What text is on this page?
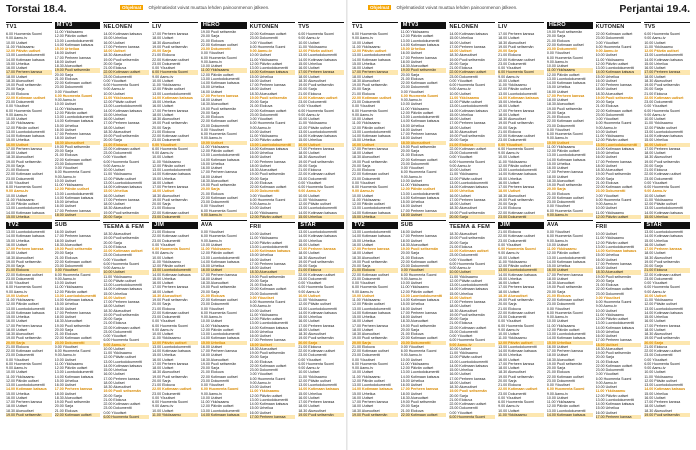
Torstai 18.4.	Ohjelmat Ohjelmatiedot voivat muuttua lehden painoonmenon jälkeen.
TV1
6.00 Huomenta Suomi
9.00 Aamu-tv
10.00 Uutiset
11.00 Ykkösaamu
12.00 Päivän uutiset
13.00 Luontodokumentti
14.00 Kotimaan katsaus
15.00 Urheilua
16.00 Uutiset
17.00 Perheen kanssa
18.00 Uutiset
18.30 Alueuutiset
19.00 Puoli seitsemän
20.00 Sarja
21.00 Elokuva
22.00 Kotimaan uutiset
23.00 Dokumentti
0.00 Yöuutiset
6.00 Huomenta Suomi
9.00 Aamu-tv
10.00 Uutiset
11.00 Ykkösaamu
12.00 Päivän uutiset
13.00 Luontodokumentti
14.00 Kotimaan katsaus
15.00 Urheilua
16.00 Uutiset
17.00 Perheen kanssa
18.00 Uutiset
18.30 Alueuutiset
19.00 Puoli seitsemän
20.00 Sarja
21.00 Elokuva
22.00 Kotimaan uutiset
23.00 Dokumentti
0.00 Yöuutiset
6.00 Huomenta Suomi
9.00 Aamu-tv
10.00 Uutiset
11.00 Ykkösaamu
12.00 Päivän uutiset
13.00 Luontodokumentti
14.00 Kotimaan katsaus
15.00 Urheilua
TV2
13.00 Luontodokumentti
14.00 Kotimaan katsaus
15.00 Urheilua
16.00 Uutiset
17.00 Perheen kanssa
18.00 Uutiset
18.30 Alueuutiset
19.00 Puoli seitsemän
20.00 Sarja
21.00 Elokuva
22.00 Kotimaan uutiset
23.00 Dokumentti
0.00 Yöuutiset
6.00 Huomenta Suomi
9.00 Aamu-tv
10.00 Uutiset
11.00 Ykkösaamu
12.00 Päivän uutiset
13.00 Luontodokumentti
14.00 Kotimaan katsaus
15.00 Urheilua
16.00 Uutiset
17.00 Perheen kanssa
18.00 Uutiset
18.30 Alueuutiset
19.00 Puoli seitsemän
20.00 Sarja
21.00 Elokuva
22.00 Kotimaan uutiset
23.00 Dokumentti
0.00 Yöuutiset
6.00 Huomenta Suomi
9.00 Aamu-tv
10.00 Uutiset
11.00 Ykkösaamu
12.00 Päivän uutiset
13.00 Luontodokumentti
14.00 Kotimaan katsaus
15.00 Urheilua
16.00 Uutiset
17.00 Perheen kanssa
18.00 Uutiset
18.30 Alueuutiset
19.00 Puoli seitsemän
MTV3
11.00 Ykkösaamu
12.00 Päivän uutiset
13.00 Luontodokumentti
14.00 Kotimaan katsaus
15.00 Urheilua
16.00 Uutiset
17.00 Perheen kanssa
18.00 Uutiset
18.30 Alueuutiset
19.00 Puoli seitsemän
20.00 Sarja
21.00 Elokuva
22.00 Kotimaan uutiset
23.00 Dokumentti
0.00 Yöuutiset
6.00 Huomenta Suomi
9.00 Aamu-tv
10.00 Uutiset
11.00 Ykkösaamu
12.00 Päivän uutiset
13.00 Luontodokumentti
14.00 Kotimaan katsaus
15.00 Urheilua
16.00 Uutiset
17.00 Perheen kanssa
18.00 Uutiset
18.30 Alueuutiset
19.00 Puoli seitsemän
20.00 Sarja
21.00 Elokuva
22.00 Kotimaan uutiset
23.00 Dokumentti
0.00 Yöuutiset
6.00 Huomenta Suomi
9.00 Aamu-tv
10.00 Uutiset
11.00 Ykkösaamu
12.00 Päivän uutiset
13.00 Luontodokumentti
14.00 Kotimaan katsaus
15.00 Urheilua
16.00 Uutiset
17.00 Perheen kanssa
18.00 Uutiset
SUB
16.00 Uutiset
17.00 Perheen kanssa
18.00 Uutiset
18.30 Alueuutiset
19.00 Puoli seitsemän
20.00 Sarja
21.00 Elokuva
22.00 Kotimaan uutiset
23.00 Dokumentti
0.00 Yöuutiset
6.00 Huomenta Suomi
9.00 Aamu-tv
10.00 Uutiset
11.00 Ykkösaamu
12.00 Päivän uutiset
13.00 Luontodokumentti
14.00 Kotimaan katsaus
15.00 Urheilua
16.00 Uutiset
17.00 Perheen kanssa
18.00 Uutiset
18.30 Alueuutiset
19.00 Puoli seitsemän
20.00 Sarja
21.00 Elokuva
22.00 Kotimaan uutiset
23.00 Dokumentti
0.00 Yöuutiset
6.00 Huomenta Suomi
9.00 Aamu-tv
10.00 Uutiset
11.00 Ykkösaamu
12.00 Päivän uutiset
13.00 Luontodokumentti
14.00 Kotimaan katsaus
15.00 Urheilua
16.00 Uutiset
17.00 Perheen kanssa
18.00 Uutiset
18.30 Alueuutiset
19.00 Puoli seitsemän
20.00 Sarja
21.00 Elokuva
22.00 Kotimaan uutiset
NELONEN
14.00 Kotimaan katsaus
15.00 Urheilua
16.00 Uutiset
17.00 Perheen kanssa
18.00 Uutiset
18.30 Alueuutiset
19.00 Puoli seitsemän
20.00 Sarja
21.00 Elokuva
22.00 Kotimaan uutiset
23.00 Dokumentti
0.00 Yöuutiset
6.00 Huomenta Suomi
9.00 Aamu-tv
10.00 Uutiset
11.00 Ykkösaamu
12.00 Päivän uutiset
13.00 Luontodokumentti
14.00 Kotimaan katsaus
15.00 Urheilua
16.00 Uutiset
17.00 Perheen kanssa
18.00 Uutiset
18.30 Alueuutiset
19.00 Puoli seitsemän
20.00 Sarja
21.00 Elokuva
22.00 Kotimaan uutiset
23.00 Dokumentti
0.00 Yöuutiset
6.00 Huomenta Suomi
9.00 Aamu-tv
10.00 Uutiset
11.00 Ykkösaamu
12.00 Päivän uutiset
13.00 Luontodokumentti
14.00 Kotimaan katsaus
15.00 Urheilua
16.00 Uutiset
17.00 Perheen kanssa
18.00 Uutiset
18.30 Alueuutiset
19.00 Puoli seitsemän
20.00 Sarja
TEEMA & FEM
18.30 Alueuutiset
19.00 Puoli seitsemän
20.00 Sarja
21.00 Elokuva
22.00 Kotimaan uutiset
23.00 Dokumentti
0.00 Yöuutiset
6.00 Huomenta Suomi
9.00 Aamu-tv
10.00 Uutiset
11.00 Ykkösaamu
12.00 Päivän uutiset
13.00 Luontodokumentti
14.00 Kotimaan katsaus
15.00 Urheilua
16.00 Uutiset
17.00 Perheen kanssa
18.00 Uutiset
18.30 Alueuutiset
19.00 Puoli seitsemän
20.00 Sarja
21.00 Elokuva
22.00 Kotimaan uutiset
23.00 Dokumentti
0.00 Yöuutiset
6.00 Huomenta Suomi
9.00 Aamu-tv
10.00 Uutiset
11.00 Ykkösaamu
12.00 Päivän uutiset
13.00 Luontodokumentti
14.00 Kotimaan katsaus
15.00 Urheilua
16.00 Uutiset
17.00 Perheen kanssa
18.00 Uutiset
18.30 Alueuutiset
19.00 Puoli seitsemän
20.00 Sarja
21.00 Elokuva
22.00 Kotimaan uutiset
23.00 Dokumentti
0.00 Yöuutiset
6.00 Huomenta Suomi
LIV
17.00 Perheen kanssa
18.00 Uutiset
18.30 Alueuutiset
19.00 Puoli seitsemän
20.00 Sarja
21.00 Elokuva
22.00 Kotimaan uutiset
23.00 Dokumentti
0.00 Yöuutiset
6.00 Huomenta Suomi
9.00 Aamu-tv
10.00 Uutiset
11.00 Ykkösaamu
12.00 Päivän uutiset
13.00 Luontodokumentti
14.00 Kotimaan katsaus
15.00 Urheilua
16.00 Uutiset
17.00 Perheen kanssa
18.00 Uutiset
18.30 Alueuutiset
19.00 Puoli seitsemän
20.00 Sarja
21.00 Elokuva
22.00 Kotimaan uutiset
23.00 Dokumentti
0.00 Yöuutiset
6.00 Huomenta Suomi
9.00 Aamu-tv
10.00 Uutiset
11.00 Ykkösaamu
12.00 Päivän uutiset
13.00 Luontodokumentti
14.00 Kotimaan katsaus
15.00 Urheilua
16.00 Uutiset
17.00 Perheen kanssa
18.00 Uutiset
18.30 Alueuutiset
19.00 Puoli seitsemän
20.00 Sarja
21.00 Elokuva
22.00 Kotimaan uutiset
23.00 Dokumentti
JIM
21.00 Elokuva
22.00 Kotimaan uutiset
23.00 Dokumentti
0.00 Yöuutiset
6.00 Huomenta Suomi
9.00 Aamu-tv
10.00 Uutiset
11.00 Ykkösaamu
12.00 Päivän uutiset
13.00 Luontodokumentti
14.00 Kotimaan katsaus
15.00 Urheilua
16.00 Uutiset
17.00 Perheen kanssa
18.00 Uutiset
18.30 Alueuutiset
19.00 Puoli seitsemän
20.00 Sarja
21.00 Elokuva
22.00 Kotimaan uutiset
23.00 Dokumentti
0.00 Yöuutiset
6.00 Huomenta Suomi
9.00 Aamu-tv
10.00 Uutiset
11.00 Ykkösaamu
12.00 Päivän uutiset
13.00 Luontodokumentti
14.00 Kotimaan katsaus
15.00 Urheilua
16.00 Uutiset
17.00 Perheen kanssa
18.00 Uutiset
18.30 Alueuutiset
19.00 Puoli seitsemän
20.00 Sarja
21.00 Elokuva
22.00 Kotimaan uutiset
23.00 Dokumentti
0.00 Yöuutiset
6.00 Huomenta Suomi
9.00 Aamu-tv
10.00 Uutiset
11.00 Ykkösaamu
HERO
19.00 Puoli seitsemän
20.00 Sarja
21.00 Elokuva
22.00 Kotimaan uutiset
23.00 Dokumentti
0.00 Yöuutiset
6.00 Huomenta Suomi
9.00 Aamu-tv
10.00 Uutiset
11.00 Ykkösaamu
12.00 Päivän uutiset
13.00 Luontodokumentti
14.00 Kotimaan katsaus
15.00 Urheilua
16.00 Uutiset
17.00 Perheen kanssa
18.00 Uutiset
18.30 Alueuutiset
19.00 Puoli seitsemän
20.00 Sarja
21.00 Elokuva
22.00 Kotimaan uutiset
23.00 Dokumentti
0.00 Yöuutiset
6.00 Huomenta Suomi
9.00 Aamu-tv
10.00 Uutiset
11.00 Ykkösaamu
12.00 Päivän uutiset
13.00 Luontodokumentti
14.00 Kotimaan katsaus
15.00 Urheilua
16.00 Uutiset
17.00 Perheen kanssa
18.00 Uutiset
18.30 Alueuutiset
19.00 Puoli seitsemän
20.00 Sarja
21.00 Elokuva
22.00 Kotimaan uutiset
23.00 Dokumentti
0.00 Yöuutiset
6.00 Huomenta Suomi
9.00 Aamu-tv
AVA
0.00 Yöuutiset
6.00 Huomenta Suomi
9.00 Aamu-tv
10.00 Uutiset
11.00 Ykkösaamu
12.00 Päivän uutiset
13.00 Luontodokumentti
14.00 Kotimaan katsaus
15.00 Urheilua
16.00 Uutiset
17.00 Perheen kanssa
18.00 Uutiset
18.30 Alueuutiset
19.00 Puoli seitsemän
20.00 Sarja
21.00 Elokuva
22.00 Kotimaan uutiset
23.00 Dokumentti
0.00 Yöuutiset
6.00 Huomenta Suomi
9.00 Aamu-tv
10.00 Uutiset
11.00 Ykkösaamu
12.00 Päivän uutiset
13.00 Luontodokumentti
14.00 Kotimaan katsaus
15.00 Urheilua
16.00 Uutiset
17.00 Perheen kanssa
18.00 Uutiset
18.30 Alueuutiset
19.00 Puoli seitsemän
20.00 Sarja
21.00 Elokuva
22.00 Kotimaan uutiset
23.00 Dokumentti
0.00 Yöuutiset
6.00 Huomenta Suomi
9.00 Aamu-tv
10.00 Uutiset
11.00 Ykkösaamu
12.00 Päivän uutiset
13.00 Luontodokumentti
14.00 Kotimaan katsaus
KUTONEN
22.00 Kotimaan uutiset
23.00 Dokumentti
0.00 Yöuutiset
6.00 Huomenta Suomi
9.00 Aamu-tv
10.00 Uutiset
11.00 Ykkösaamu
12.00 Päivän uutiset
13.00 Luontodokumentti
14.00 Kotimaan katsaus
15.00 Urheilua
16.00 Uutiset
17.00 Perheen kanssa
18.00 Uutiset
18.30 Alueuutiset
19.00 Puoli seitsemän
20.00 Sarja
21.00 Elokuva
22.00 Kotimaan uutiset
23.00 Dokumentti
0.00 Yöuutiset
6.00 Huomenta Suomi
9.00 Aamu-tv
10.00 Uutiset
11.00 Ykkösaamu
12.00 Päivän uutiset
13.00 Luontodokumentti
14.00 Kotimaan katsaus
15.00 Urheilua
16.00 Uutiset
17.00 Perheen kanssa
18.00 Uutiset
18.30 Alueuutiset
19.00 Puoli seitsemän
20.00 Sarja
21.00 Elokuva
22.00 Kotimaan uutiset
23.00 Dokumentti
0.00 Yöuutiset
6.00 Huomenta Suomi
9.00 Aamu-tv
10.00 Uutiset
11.00 Ykkösaamu
12.00 Päivän uutiset
FRII
10.00 Uutiset
11.00 Ykkösaamu
12.00 Päivän uutiset
13.00 Luontodokumentti
14.00 Kotimaan katsaus
15.00 Urheilua
16.00 Uutiset
17.00 Perheen kanssa
18.00 Uutiset
18.30 Alueuutiset
19.00 Puoli seitsemän
20.00 Sarja
21.00 Elokuva
22.00 Kotimaan uutiset
23.00 Dokumentti
0.00 Yöuutiset
6.00 Huomenta Suomi
9.00 Aamu-tv
10.00 Uutiset
11.00 Ykkösaamu
12.00 Päivän uutiset
13.00 Luontodokumentti
14.00 Kotimaan katsaus
15.00 Urheilua
16.00 Uutiset
17.00 Perheen kanssa
18.00 Uutiset
18.30 Alueuutiset
19.00 Puoli seitsemän
20.00 Sarja
21.00 Elokuva
22.00 Kotimaan uutiset
23.00 Dokumentti
0.00 Yöuutiset
6.00 Huomenta Suomi
9.00 Aamu-tv
10.00 Uutiset
11.00 Ykkösaamu
12.00 Päivän uutiset
13.00 Luontodokumentti
14.00 Kotimaan katsaus
15.00 Urheilua
16.00 Uutiset
17.00 Perheen kanssa
TV5
6.00 Huomenta Suomi
9.00 Aamu-tv
10.00 Uutiset
11.00 Ykkösaamu
12.00 Päivän uutiset
13.00 Luontodokumentti
14.00 Kotimaan katsaus
15.00 Urheilua
16.00 Uutiset
17.00 Perheen kanssa
18.00 Uutiset
18.30 Alueuutiset
19.00 Puoli seitsemän
20.00 Sarja
21.00 Elokuva
22.00 Kotimaan uutiset
23.00 Dokumentti
0.00 Yöuutiset
6.00 Huomenta Suomi
9.00 Aamu-tv
10.00 Uutiset
11.00 Ykkösaamu
12.00 Päivän uutiset
13.00 Luontodokumentti
14.00 Kotimaan katsaus
15.00 Urheilua
16.00 Uutiset
17.00 Perheen kanssa
18.00 Uutiset
18.30 Alueuutiset
19.00 Puoli seitsemän
20.00 Sarja
21.00 Elokuva
22.00 Kotimaan uutiset
23.00 Dokumentti
0.00 Yöuutiset
6.00 Huomenta Suomi
9.00 Aamu-tv
10.00 Uutiset
11.00 Ykkösaamu
12.00 Päivän uutiset
13.00 Luontodokumentti
14.00 Kotimaan katsaus
15.00 Urheilua
STAR
13.00 Luontodokumentti
14.00 Kotimaan katsaus
15.00 Urheilua
16.00 Uutiset
17.00 Perheen kanssa
18.00 Uutiset
18.30 Alueuutiset
19.00 Puoli seitsemän
20.00 Sarja
21.00 Elokuva
22.00 Kotimaan uutiset
23.00 Dokumentti
0.00 Yöuutiset
6.00 Huomenta Suomi
9.00 Aamu-tv
10.00 Uutiset
11.00 Ykkösaamu
12.00 Päivän uutiset
13.00 Luontodokumentti
14.00 Kotimaan katsaus
15.00 Urheilua
16.00 Uutiset
17.00 Perheen kanssa
18.00 Uutiset
18.30 Alueuutiset
19.00 Puoli seitsemän
20.00 Sarja
21.00 Elokuva
22.00 Kotimaan uutiset
23.00 Dokumentti
0.00 Yöuutiset
6.00 Huomenta Suomi
9.00 Aamu-tv
10.00 Uutiset
11.00 Ykkösaamu
12.00 Päivän uutiset
13.00 Luontodokumentti
14.00 Kotimaan katsaus
15.00 Urheilua
16.00 Uutiset
17.00 Perheen kanssa
18.00 Uutiset
18.30 Alueuutiset
19.00 Puoli seitsemän
Perjantai 19.4.
Ohjelmat Ohjelmatiedot voivat muuttua lehden painoonmenon jälkeen.
TV1
6.00 Huomenta Suomi
9.00 Aamu-tv
10.00 Uutiset
11.00 Ykkösaamu
12.00 Päivän uutiset
13.00 Luontodokumentti
14.00 Kotimaan katsaus
15.00 Urheilua
16.00 Uutiset
17.00 Perheen kanssa
18.00 Uutiset
18.30 Alueuutiset
19.00 Puoli seitsemän
20.00 Sarja
21.00 Elokuva
22.00 Kotimaan uutiset
23.00 Dokumentti
0.00 Yöuutiset
6.00 Huomenta Suomi
9.00 Aamu-tv
10.00 Uutiset
11.00 Ykkösaamu
12.00 Päivän uutiset
13.00 Luontodokumentti
14.00 Kotimaan katsaus
15.00 Urheilua
16.00 Uutiset
17.00 Perheen kanssa
18.00 Uutiset
18.30 Alueuutiset
19.00 Puoli seitsemän
20.00 Sarja
21.00 Elokuva
22.00 Kotimaan uutiset
23.00 Dokumentti
0.00 Yöuutiset
6.00 Huomenta Suomi
9.00 Aamu-tv
10.00 Uutiset
11.00 Ykkösaamu
12.00 Päivän uutiset
13.00 Luontodokumentti
14.00 Kotimaan katsaus
15.00 Urheilua
TV2
13.00 Luontodokumentti
14.00 Kotimaan katsaus
15.00 Urheilua
16.00 Uutiset
17.00 Perheen kanssa
18.00 Uutiset
18.30 Alueuutiset
19.00 Puoli seitsemän
20.00 Sarja
21.00 Elokuva
22.00 Kotimaan uutiset
23.00 Dokumentti
0.00 Yöuutiset
6.00 Huomenta Suomi
9.00 Aamu-tv
10.00 Uutiset
11.00 Ykkösaamu
12.00 Päivän uutiset
13.00 Luontodokumentti
14.00 Kotimaan katsaus
15.00 Urheilua
16.00 Uutiset
17.00 Perheen kanssa
18.00 Uutiset
18.30 Alueuutiset
19.00 Puoli seitsemän
20.00 Sarja
21.00 Elokuva
22.00 Kotimaan uutiset
23.00 Dokumentti
0.00 Yöuutiset
6.00 Huomenta Suomi
9.00 Aamu-tv
10.00 Uutiset
11.00 Ykkösaamu
12.00 Päivän uutiset
13.00 Luontodokumentti
14.00 Kotimaan katsaus
15.00 Urheilua
16.00 Uutiset
17.00 Perheen kanssa
18.00 Uutiset
18.30 Alueuutiset
19.00 Puoli seitsemän
MTV3
11.00 Ykkösaamu
12.00 Päivän uutiset
13.00 Luontodokumentti
14.00 Kotimaan katsaus
15.00 Urheilua
16.00 Uutiset
17.00 Perheen kanssa
18.00 Uutiset
18.30 Alueuutiset
19.00 Puoli seitsemän
20.00 Sarja
21.00 Elokuva
22.00 Kotimaan uutiset
23.00 Dokumentti
0.00 Yöuutiset
6.00 Huomenta Suomi
9.00 Aamu-tv
10.00 Uutiset
11.00 Ykkösaamu
12.00 Päivän uutiset
13.00 Luontodokumentti
14.00 Kotimaan katsaus
15.00 Urheilua
16.00 Uutiset
17.00 Perheen kanssa
18.00 Uutiset
18.30 Alueuutiset
19.00 Puoli seitsemän
20.00 Sarja
21.00 Elokuva
22.00 Kotimaan uutiset
23.00 Dokumentti
0.00 Yöuutiset
6.00 Huomenta Suomi
9.00 Aamu-tv
10.00 Uutiset
11.00 Ykkösaamu
12.00 Päivän uutiset
13.00 Luontodokumentti
14.00 Kotimaan katsaus
15.00 Urheilua
16.00 Uutiset
17.00 Perheen kanssa
18.00 Uutiset
SUB
16.00 Uutiset
17.00 Perheen kanssa
18.00 Uutiset
18.30 Alueuutiset
19.00 Puoli seitsemän
20.00 Sarja
21.00 Elokuva
22.00 Kotimaan uutiset
23.00 Dokumentti
0.00 Yöuutiset
6.00 Huomenta Suomi
9.00 Aamu-tv
10.00 Uutiset
11.00 Ykkösaamu
12.00 Päivän uutiset
13.00 Luontodokumentti
14.00 Kotimaan katsaus
15.00 Urheilua
16.00 Uutiset
17.00 Perheen kanssa
18.00 Uutiset
18.30 Alueuutiset
19.00 Puoli seitsemän
20.00 Sarja
21.00 Elokuva
22.00 Kotimaan uutiset
23.00 Dokumentti
0.00 Yöuutiset
6.00 Huomenta Suomi
9.00 Aamu-tv
10.00 Uutiset
11.00 Ykkösaamu
12.00 Päivän uutiset
13.00 Luontodokumentti
14.00 Kotimaan katsaus
15.00 Urheilua
16.00 Uutiset
17.00 Perheen kanssa
18.00 Uutiset
18.30 Alueuutiset
19.00 Puoli seitsemän
20.00 Sarja
21.00 Elokuva
22.00 Kotimaan uutiset
NELONEN
14.00 Kotimaan katsaus
15.00 Urheilua
16.00 Uutiset
17.00 Perheen kanssa
18.00 Uutiset
18.30 Alueuutiset
19.00 Puoli seitsemän
20.00 Sarja
21.00 Elokuva
22.00 Kotimaan uutiset
23.00 Dokumentti
0.00 Yöuutiset
6.00 Huomenta Suomi
9.00 Aamu-tv
10.00 Uutiset
11.00 Ykkösaamu
12.00 Päivän uutiset
13.00 Luontodokumentti
14.00 Kotimaan katsaus
15.00 Urheilua
16.00 Uutiset
17.00 Perheen kanssa
18.00 Uutiset
18.30 Alueuutiset
19.00 Puoli seitsemän
20.00 Sarja
21.00 Elokuva
22.00 Kotimaan uutiset
23.00 Dokumentti
0.00 Yöuutiset
6.00 Huomenta Suomi
9.00 Aamu-tv
10.00 Uutiset
11.00 Ykkösaamu
12.00 Päivän uutiset
13.00 Luontodokumentti
14.00 Kotimaan katsaus
15.00 Urheilua
16.00 Uutiset
17.00 Perheen kanssa
18.00 Uutiset
18.30 Alueuutiset
19.00 Puoli seitsemän
20.00 Sarja
TEEMA & FEM
18.30 Alueuutiset
19.00 Puoli seitsemän
20.00 Sarja
21.00 Elokuva
22.00 Kotimaan uutiset
23.00 Dokumentti
0.00 Yöuutiset
6.00 Huomenta Suomi
9.00 Aamu-tv
10.00 Uutiset
11.00 Ykkösaamu
12.00 Päivän uutiset
13.00 Luontodokumentti
14.00 Kotimaan katsaus
15.00 Urheilua
16.00 Uutiset
17.00 Perheen kanssa
18.00 Uutiset
18.30 Alueuutiset
19.00 Puoli seitsemän
20.00 Sarja
21.00 Elokuva
22.00 Kotimaan uutiset
23.00 Dokumentti
0.00 Yöuutiset
6.00 Huomenta Suomi
9.00 Aamu-tv
10.00 Uutiset
11.00 Ykkösaamu
12.00 Päivän uutiset
13.00 Luontodokumentti
14.00 Kotimaan katsaus
15.00 Urheilua
16.00 Uutiset
17.00 Perheen kanssa
18.00 Uutiset
18.30 Alueuutiset
19.00 Puoli seitsemän
20.00 Sarja
21.00 Elokuva
22.00 Kotimaan uutiset
23.00 Dokumentti
0.00 Yöuutiset
6.00 Huomenta Suomi
LIV
17.00 Perheen kanssa
18.00 Uutiset
18.30 Alueuutiset
19.00 Puoli seitsemän
20.00 Sarja
21.00 Elokuva
22.00 Kotimaan uutiset
23.00 Dokumentti
0.00 Yöuutiset
6.00 Huomenta Suomi
9.00 Aamu-tv
10.00 Uutiset
11.00 Ykkösaamu
12.00 Päivän uutiset
13.00 Luontodokumentti
14.00 Kotimaan katsaus
15.00 Urheilua
16.00 Uutiset
17.00 Perheen kanssa
18.00 Uutiset
18.30 Alueuutiset
19.00 Puoli seitsemän
20.00 Sarja
21.00 Elokuva
22.00 Kotimaan uutiset
23.00 Dokumentti
0.00 Yöuutiset
6.00 Huomenta Suomi
9.00 Aamu-tv
10.00 Uutiset
11.00 Ykkösaamu
12.00 Päivän uutiset
13.00 Luontodokumentti
14.00 Kotimaan katsaus
15.00 Urheilua
16.00 Uutiset
17.00 Perheen kanssa
18.00 Uutiset
18.30 Alueuutiset
19.00 Puoli seitsemän
20.00 Sarja
21.00 Elokuva
22.00 Kotimaan uutiset
23.00 Dokumentti
JIM
21.00 Elokuva
22.00 Kotimaan uutiset
23.00 Dokumentti
0.00 Yöuutiset
6.00 Huomenta Suomi
9.00 Aamu-tv
10.00 Uutiset
11.00 Ykkösaamu
12.00 Päivän uutiset
13.00 Luontodokumentti
14.00 Kotimaan katsaus
15.00 Urheilua
16.00 Uutiset
17.00 Perheen kanssa
18.00 Uutiset
18.30 Alueuutiset
19.00 Puoli seitsemän
20.00 Sarja
21.00 Elokuva
22.00 Kotimaan uutiset
23.00 Dokumentti
0.00 Yöuutiset
6.00 Huomenta Suomi
9.00 Aamu-tv
10.00 Uutiset
11.00 Ykkösaamu
12.00 Päivän uutiset
13.00 Luontodokumentti
14.00 Kotimaan katsaus
15.00 Urheilua
16.00 Uutiset
17.00 Perheen kanssa
18.00 Uutiset
18.30 Alueuutiset
19.00 Puoli seitsemän
20.00 Sarja
21.00 Elokuva
22.00 Kotimaan uutiset
23.00 Dokumentti
0.00 Yöuutiset
6.00 Huomenta Suomi
9.00 Aamu-tv
10.00 Uutiset
11.00 Ykkösaamu
HERO
19.00 Puoli seitsemän
20.00 Sarja
21.00 Elokuva
22.00 Kotimaan uutiset
23.00 Dokumentti
0.00 Yöuutiset
6.00 Huomenta Suomi
9.00 Aamu-tv
10.00 Uutiset
11.00 Ykkösaamu
12.00 Päivän uutiset
13.00 Luontodokumentti
14.00 Kotimaan katsaus
15.00 Urheilua
16.00 Uutiset
17.00 Perheen kanssa
18.00 Uutiset
18.30 Alueuutiset
19.00 Puoli seitsemän
20.00 Sarja
21.00 Elokuva
22.00 Kotimaan uutiset
23.00 Dokumentti
0.00 Yöuutiset
6.00 Huomenta Suomi
9.00 Aamu-tv
10.00 Uutiset
11.00 Ykkösaamu
12.00 Päivän uutiset
13.00 Luontodokumentti
14.00 Kotimaan katsaus
15.00 Urheilua
16.00 Uutiset
17.00 Perheen kanssa
18.00 Uutiset
18.30 Alueuutiset
19.00 Puoli seitsemän
20.00 Sarja
21.00 Elokuva
22.00 Kotimaan uutiset
23.00 Dokumentti
0.00 Yöuutiset
6.00 Huomenta Suomi
9.00 Aamu-tv
AVA
0.00 Yöuutiset
6.00 Huomenta Suomi
9.00 Aamu-tv
10.00 Uutiset
11.00 Ykkösaamu
12.00 Päivän uutiset
13.00 Luontodokumentti
14.00 Kotimaan katsaus
15.00 Urheilua
16.00 Uutiset
17.00 Perheen kanssa
18.00 Uutiset
18.30 Alueuutiset
19.00 Puoli seitsemän
20.00 Sarja
21.00 Elokuva
22.00 Kotimaan uutiset
23.00 Dokumentti
0.00 Yöuutiset
6.00 Huomenta Suomi
9.00 Aamu-tv
10.00 Uutiset
11.00 Ykkösaamu
12.00 Päivän uutiset
13.00 Luontodokumentti
14.00 Kotimaan katsaus
15.00 Urheilua
16.00 Uutiset
17.00 Perheen kanssa
18.00 Uutiset
18.30 Alueuutiset
19.00 Puoli seitsemän
20.00 Sarja
21.00 Elokuva
22.00 Kotimaan uutiset
23.00 Dokumentti
0.00 Yöuutiset
6.00 Huomenta Suomi
9.00 Aamu-tv
10.00 Uutiset
11.00 Ykkösaamu
12.00 Päivän uutiset
13.00 Luontodokumentti
14.00 Kotimaan katsaus
KUTONEN
22.00 Kotimaan uutiset
23.00 Dokumentti
0.00 Yöuutiset
6.00 Huomenta Suomi
9.00 Aamu-tv
10.00 Uutiset
11.00 Ykkösaamu
12.00 Päivän uutiset
13.00 Luontodokumentti
14.00 Kotimaan katsaus
15.00 Urheilua
16.00 Uutiset
17.00 Perheen kanssa
18.00 Uutiset
18.30 Alueuutiset
19.00 Puoli seitsemän
20.00 Sarja
21.00 Elokuva
22.00 Kotimaan uutiset
23.00 Dokumentti
0.00 Yöuutiset
6.00 Huomenta Suomi
9.00 Aamu-tv
10.00 Uutiset
11.00 Ykkösaamu
12.00 Päivän uutiset
13.00 Luontodokumentti
14.00 Kotimaan katsaus
15.00 Urheilua
16.00 Uutiset
17.00 Perheen kanssa
18.00 Uutiset
18.30 Alueuutiset
19.00 Puoli seitsemän
20.00 Sarja
21.00 Elokuva
22.00 Kotimaan uutiset
23.00 Dokumentti
0.00 Yöuutiset
6.00 Huomenta Suomi
9.00 Aamu-tv
10.00 Uutiset
11.00 Ykkösaamu
12.00 Päivän uutiset
FRII
10.00 Uutiset
11.00 Ykkösaamu
12.00 Päivän uutiset
13.00 Luontodokumentti
14.00 Kotimaan katsaus
15.00 Urheilua
16.00 Uutiset
17.00 Perheen kanssa
18.00 Uutiset
18.30 Alueuutiset
19.00 Puoli seitsemän
20.00 Sarja
21.00 Elokuva
22.00 Kotimaan uutiset
23.00 Dokumentti
0.00 Yöuutiset
6.00 Huomenta Suomi
9.00 Aamu-tv
10.00 Uutiset
11.00 Ykkösaamu
12.00 Päivän uutiset
13.00 Luontodokumentti
14.00 Kotimaan katsaus
15.00 Urheilua
16.00 Uutiset
17.00 Perheen kanssa
18.00 Uutiset
18.30 Alueuutiset
19.00 Puoli seitsemän
20.00 Sarja
21.00 Elokuva
22.00 Kotimaan uutiset
23.00 Dokumentti
0.00 Yöuutiset
6.00 Huomenta Suomi
9.00 Aamu-tv
10.00 Uutiset
11.00 Ykkösaamu
12.00 Päivän uutiset
13.00 Luontodokumentti
14.00 Kotimaan katsaus
15.00 Urheilua
16.00 Uutiset
17.00 Perheen kanssa
TV5
6.00 Huomenta Suomi
9.00 Aamu-tv
10.00 Uutiset
11.00 Ykkösaamu
12.00 Päivän uutiset
13.00 Luontodokumentti
14.00 Kotimaan katsaus
15.00 Urheilua
16.00 Uutiset
17.00 Perheen kanssa
18.00 Uutiset
18.30 Alueuutiset
19.00 Puoli seitsemän
20.00 Sarja
21.00 Elokuva
22.00 Kotimaan uutiset
23.00 Dokumentti
0.00 Yöuutiset
6.00 Huomenta Suomi
9.00 Aamu-tv
10.00 Uutiset
11.00 Ykkösaamu
12.00 Päivän uutiset
13.00 Luontodokumentti
14.00 Kotimaan katsaus
15.00 Urheilua
16.00 Uutiset
17.00 Perheen kanssa
18.00 Uutiset
18.30 Alueuutiset
19.00 Puoli seitsemän
20.00 Sarja
21.00 Elokuva
22.00 Kotimaan uutiset
23.00 Dokumentti
0.00 Yöuutiset
6.00 Huomenta Suomi
9.00 Aamu-tv
10.00 Uutiset
11.00 Ykkösaamu
12.00 Päivän uutiset
13.00 Luontodokumentti
14.00 Kotimaan katsaus
15.00 Urheilua
STAR
13.00 Luontodokumentti
14.00 Kotimaan katsaus
15.00 Urheilua
16.00 Uutiset
17.00 Perheen kanssa
18.00 Uutiset
18.30 Alueuutiset
19.00 Puoli seitsemän
20.00 Sarja
21.00 Elokuva
22.00 Kotimaan uutiset
23.00 Dokumentti
0.00 Yöuutiset
6.00 Huomenta Suomi
9.00 Aamu-tv
10.00 Uutiset
11.00 Ykkösaamu
12.00 Päivän uutiset
13.00 Luontodokumentti
14.00 Kotimaan katsaus
15.00 Urheilua
16.00 Uutiset
17.00 Perheen kanssa
18.00 Uutiset
18.30 Alueuutiset
19.00 Puoli seitsemän
20.00 Sarja
21.00 Elokuva
22.00 Kotimaan uutiset
23.00 Dokumentti
0.00 Yöuutiset
6.00 Huomenta Suomi
9.00 Aamu-tv
10.00 Uutiset
11.00 Ykkösaamu
12.00 Päivän uutiset
13.00 Luontodokumentti
14.00 Kotimaan katsaus
15.00 Urheilua
16.00 Uutiset
17.00 Perheen kanssa
18.00 Uutiset
18.30 Alueuutiset
19.00 Puoli seitsemän
